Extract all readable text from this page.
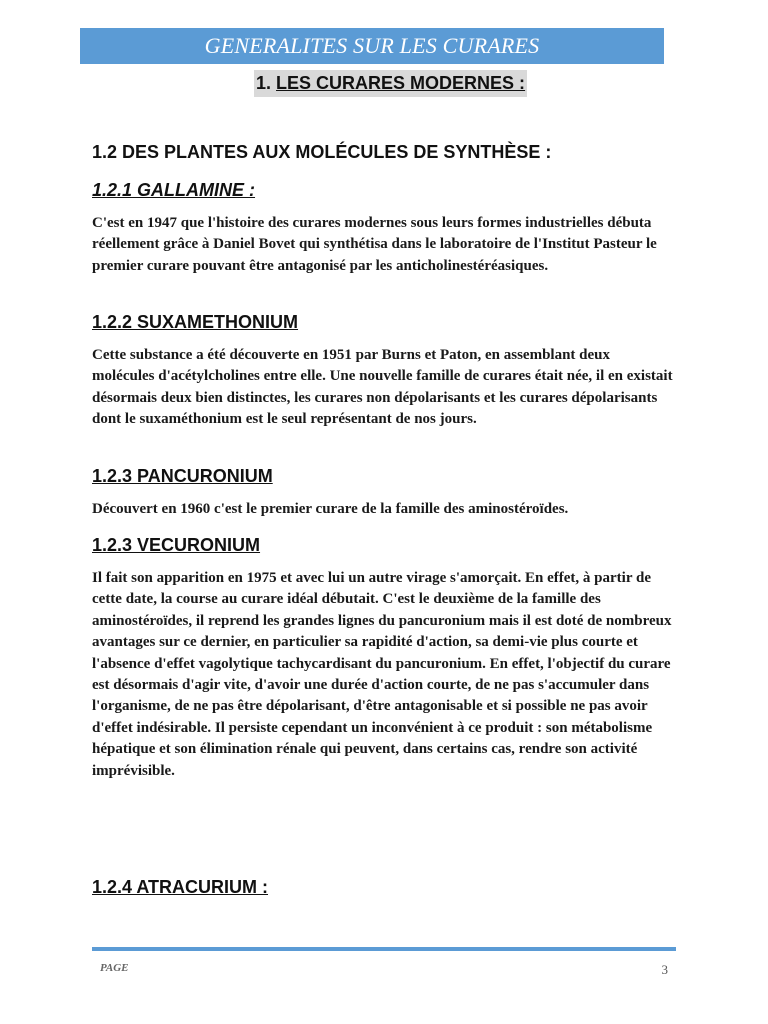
GENERALITES SUR LES CURARES
1. LES CURARES MODERNES :
1.2 DES PLANTES AUX MOLÉCULES DE SYNTHÈSE :
1.2.1 GALLAMINE :

C'est en 1947 que l'histoire des curares modernes sous leurs formes industrielles débuta réellement grâce à Daniel Bovet qui synthétisa dans le laboratoire de l'Institut Pasteur le premier curare pouvant être antagonisé par les anticholinestéréasiques.

1.2.2 SUXAMETHONIUM

Cette substance a été découverte en 1951 par Burns et Paton, en assemblant deux molécules d'acétylcholines entre elle. Une nouvelle famille de curares était née, il en existait désormais deux bien distinctes, les curares non dépolarisants et les curares dépolarisants dont le suxaméthonium est le seul représentant de nos jours.

1.2.3 PANCURONIUM

Découvert en 1960 c'est le premier curare de la famille des aminostéroïdes.

1.2.3 VECURONIUM

Il fait son apparition en 1975 et avec lui un autre virage s'amorçait. En effet, à partir de cette date, la course au curare idéal débutait. C'est le deuxième de la famille des aminostéroïdes, il reprend les grandes lignes du pancuronium mais il est doté de nombreux avantages sur ce dernier, en particulier sa rapidité d'action, sa demi-vie plus courte et l'absence d'effet vagolytique tachycardisant du pancuronium. En effet, l'objectif du curare est désormais d'agir vite, d'avoir une durée d'action courte, de ne pas s'accumuler dans l'organisme, de ne pas être dépolarisant, d'être antagonisable et si possible ne pas avoir d'effet indésirable. Il persiste cependant un inconvénient à ce produit : son métabolisme hépatique et son élimination rénale qui peuvent, dans certains cas, rendre son activité imprévisible.

1.2.4 ATRACURIUM :
PAGE	3
